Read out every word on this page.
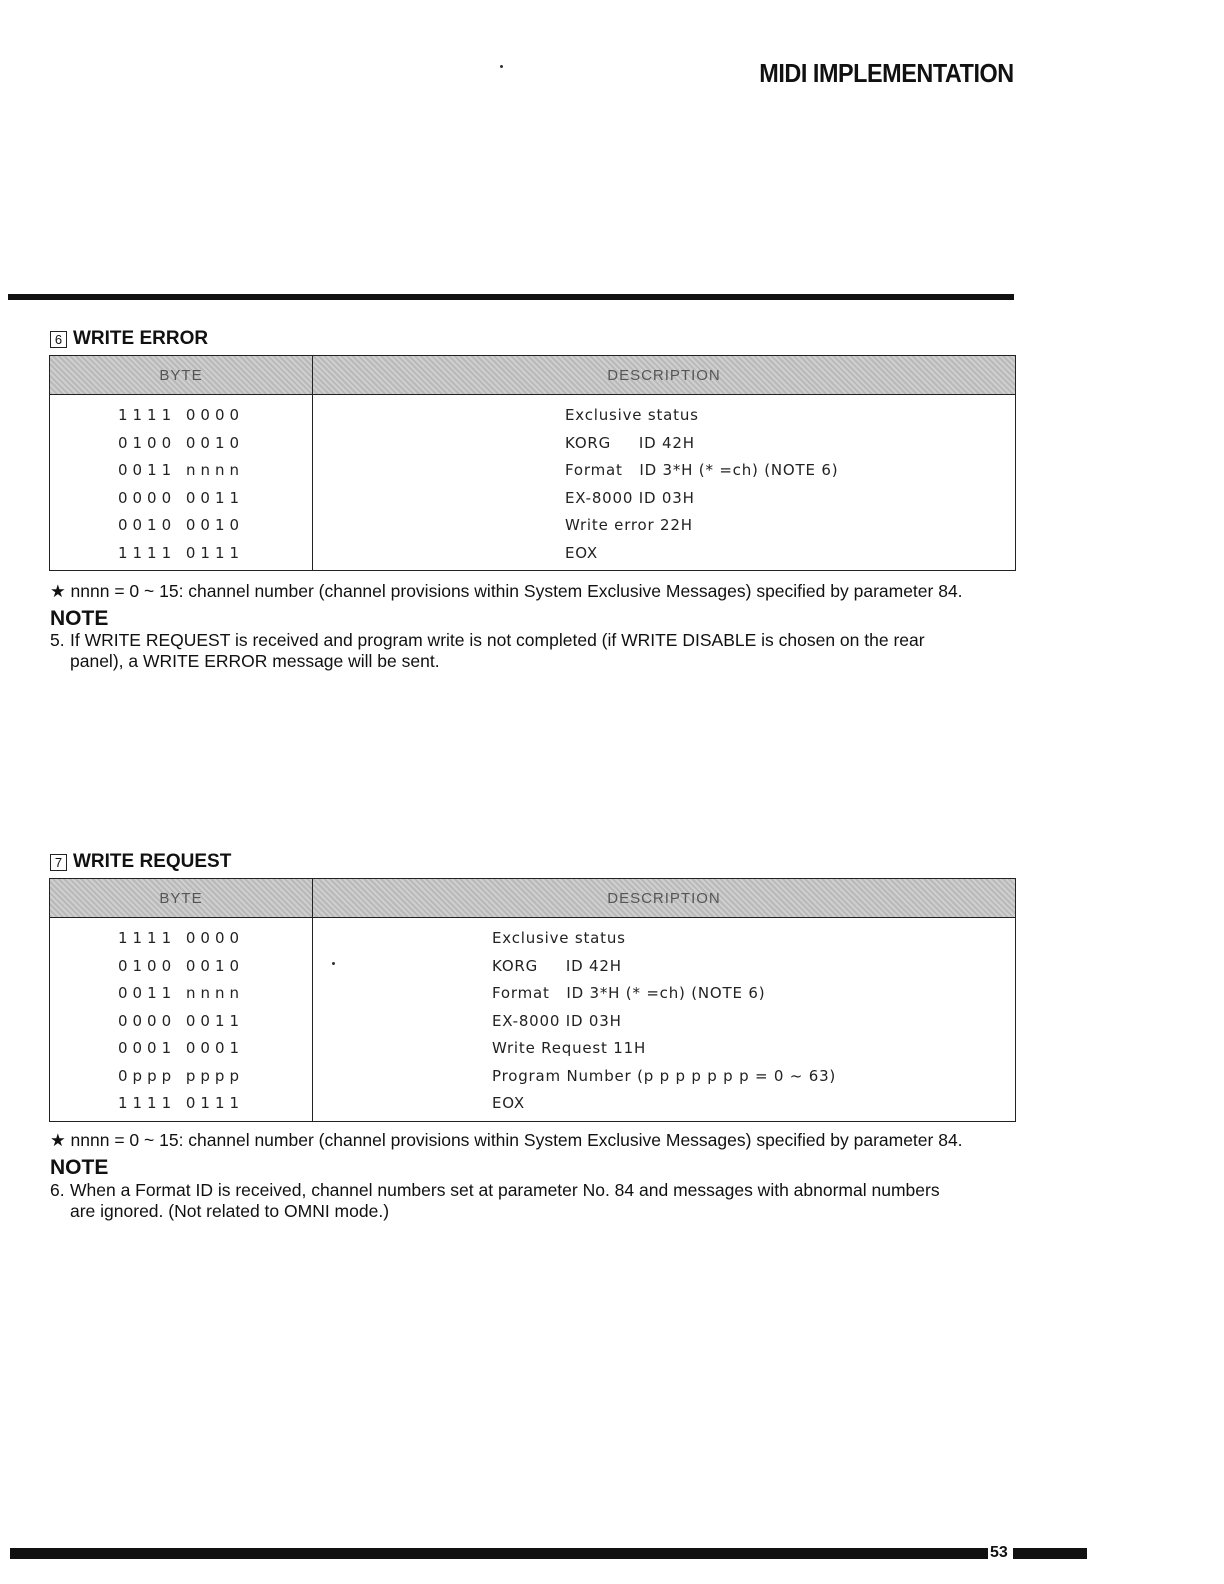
MIDI IMPLEMENTATION
6 WRITE ERROR
BYTE	DESCRIPTION
1111 0000
0100 0010
0011 nnnn
0000 0011
0010 0010
1111 0111
Exclusive status
KORG     ID 42H
Format   ID 3*H (* =ch) (NOTE 6)
EX-8000 ID 03H
Write error 22H
EOX
★ nnnn = 0 ~ 15: channel number (channel provisions within System Exclusive Messages) specified by parameter 84.
NOTE
5. If WRITE REQUEST is received and program write is not completed (if WRITE DISABLE is chosen on the rear
panel), a WRITE ERROR message will be sent.
7 WRITE REQUEST
BYTE	DESCRIPTION
1111 0000
0100 0010
0011 nnnn
0000 0011
0001 0001
0ppp pppp
1111 0111
Exclusive status
KORG     ID 42H
Format   ID 3*H (* =ch) (NOTE 6)
EX-8000 ID 03H
Write Request 11H
Program Number (p p p p p p p = 0 ~ 63)
EOX
★ nnnn = 0 ~ 15: channel number (channel provisions within System Exclusive Messages) specified by parameter 84.
NOTE
6. When a Format ID is received, channel numbers set at parameter No. 84 and messages with abnormal numbers
are ignored. (Not related to OMNI mode.)
53
